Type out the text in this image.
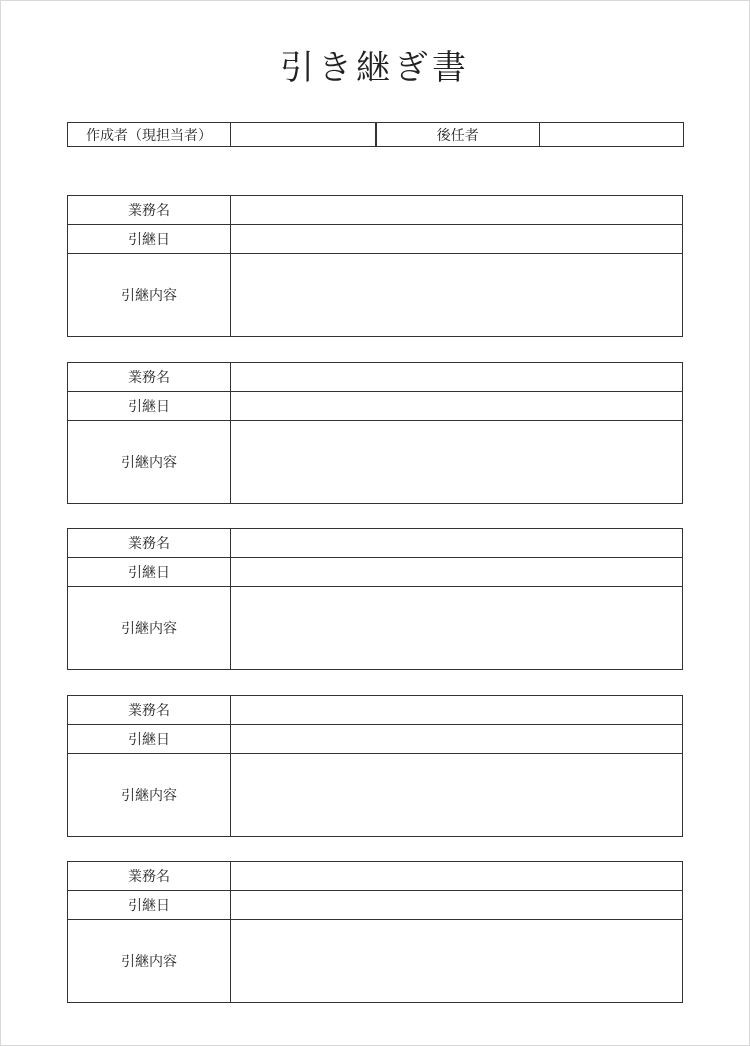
引き継ぎ書
作成者（現担当者）		後任者	
業務名	
引継日	
引継内容	
業務名	
引継日	
引継内容	
業務名	
引継日	
引継内容	
業務名	
引継日	
引継内容	
業務名	
引継日	
引継内容	
